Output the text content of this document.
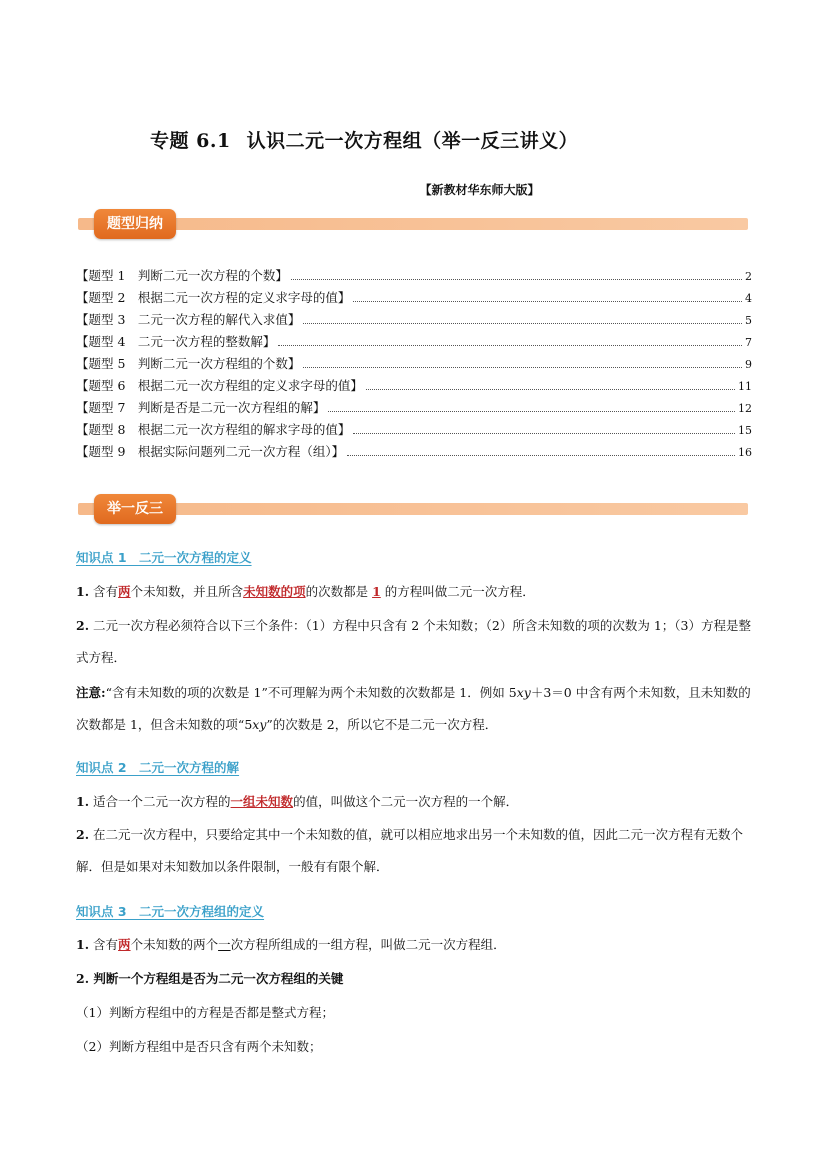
专题 6.1 认识二元一次方程组（举一反三讲义）
【新教材华东师大版】
题型归纳
【题型 1　判断二元一次方程的个数】	2
【题型 2　根据二元一次方程的定义求字母的值】	4
【题型 3　二元一次方程的解代入求值】	5
【题型 4　二元一次方程的整数解】	7
【题型 5　判断二元一次方程组的个数】	9
【题型 6　根据二元一次方程组的定义求字母的值】	11
【题型 7　判断是否是二元一次方程组的解】	12
【题型 8　根据二元一次方程组的解求字母的值】	15
【题型 9　根据实际问题列二元一次方程（组）】	16
举一反三
知识点 1　二元一次方程的定义
1. 含有两个未知数，并且所含未知数的项的次数都是 1 的方程叫做二元一次方程．
2. 二元一次方程必须符合以下三个条件：（1）方程中只含有 2 个未知数；（2）所含未知数的项的次数为 1；（3）方程是整式方程．
注意:“含有未知数的项的次数是 1”不可理解为两个未知数的次数都是 1．例如 5xy＋3＝0 中含有两个未知数，且未知数的次数都是 1，但含未知数的项“5xy”的次数是 2，所以它不是二元一次方程．
知识点 2　二元一次方程的解
1. 适合一个二元一次方程的一组未知数的值，叫做这个二元一次方程的一个解．
2. 在二元一次方程中，只要给定其中一个未知数的值，就可以相应地求出另一个未知数的值，因此二元一次方程有无数个解．但是如果对未知数加以条件限制，一般有有限个解．
知识点 3　二元一次方程组的定义
1. 含有两个未知数的两个一次方程所组成的一组方程，叫做二元一次方程组．
2. 判断一个方程组是否为二元一次方程组的关键
（1）判断方程组中的方程是否都是整式方程；
（2）判断方程组中是否只含有两个未知数；
